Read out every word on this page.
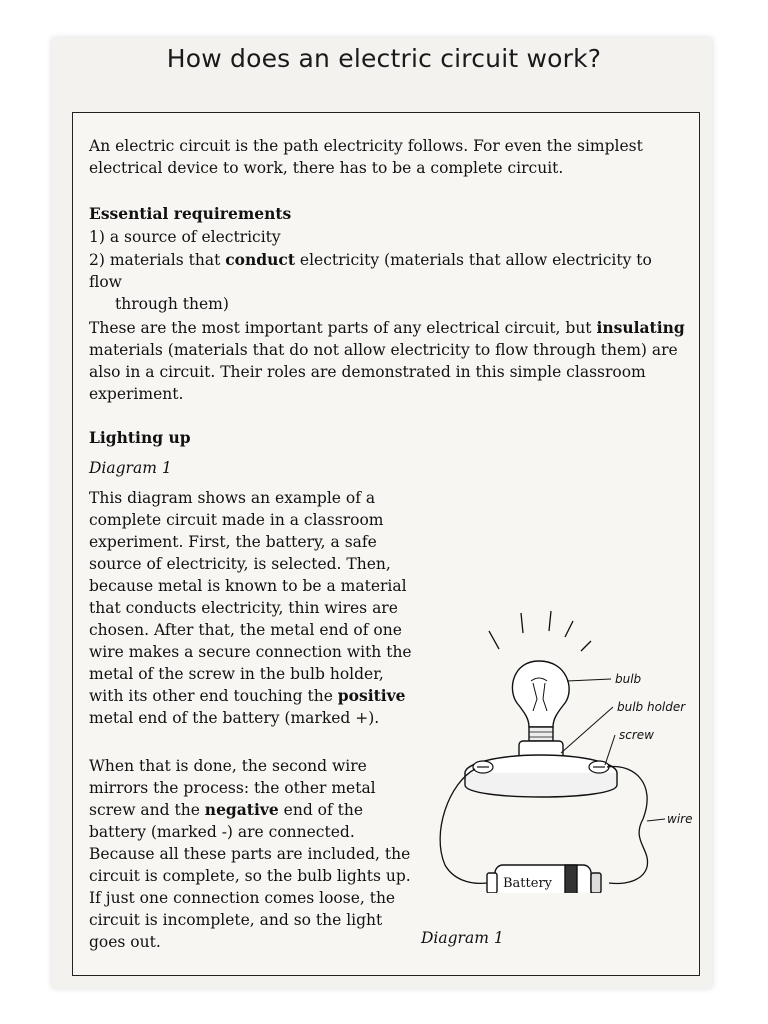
How does an electric circuit work?

An electric circuit is the path electricity follows. For even the simplest electrical device to work, there has to be a complete circuit.

Essential requirements
1) a source of electricity
2) materials that conduct electricity (materials that allow electricity to flow
through them)

These are the most important parts of any electrical circuit, but insulating materials (materials that do not allow electricity to flow through them) are also in a circuit. Their roles are demonstrated in this simple classroom experiment.

Lighting up
Diagram 1
This diagram shows an example of a complete circuit made in a classroom experiment. First, the battery, a safe source of electricity, is selected. Then, because metal is known to be a material that conducts electricity, thin wires are chosen. After that, the metal end of one wire makes a secure connection with the metal of the screw in the bulb holder, with its other end touching the positive metal end of the battery (marked +).
When that is done, the second wire mirrors the process: the other metal screw and the negative end of the battery (marked -) are connected. Because all these parts are included, the circuit is complete, so the bulb lights up. If just one connection comes loose, the circuit is incomplete, and so the light goes out.
Battery
bulb
bulb holder
screw
wire
Diagram 1
